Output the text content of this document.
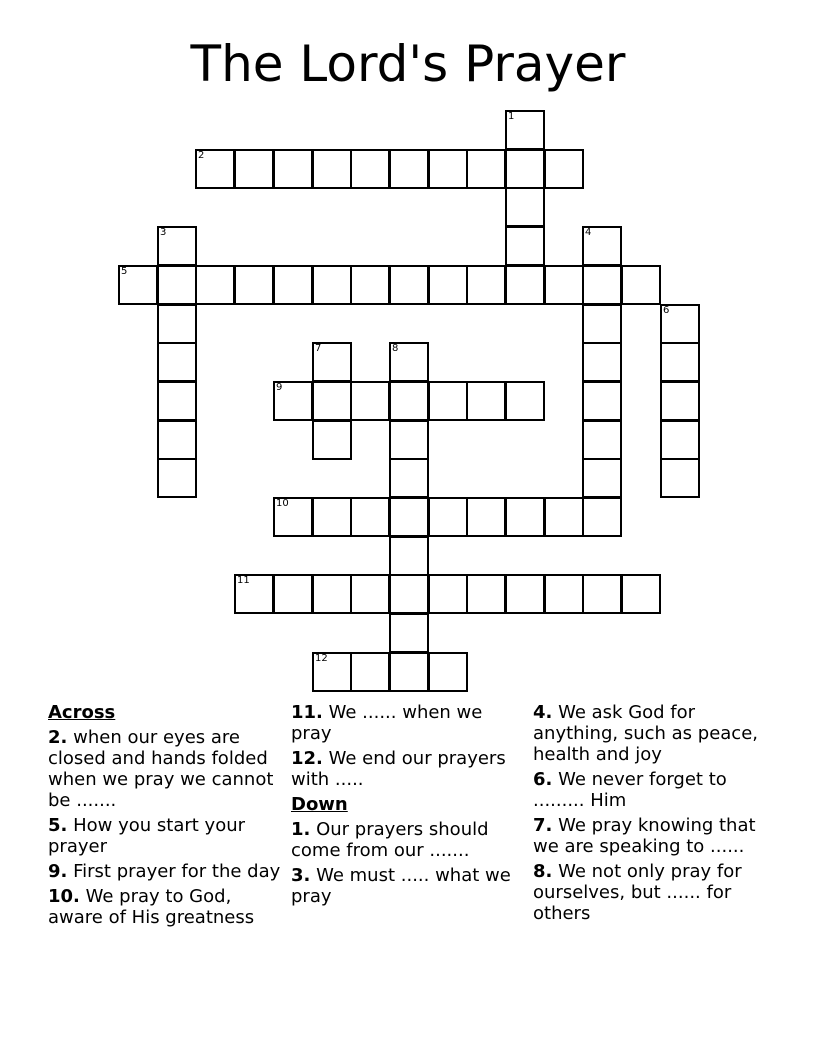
The Lord's Prayer
1
2
3	4
5
6
7	8
9
10
11
12
Across
2. when our eyes are closed and hands folded when we pray we cannot be .......
5. How you start your prayer
9. First prayer for the day
10. We pray to God, aware of His greatness
11. We ...... when we pray
12. We end our prayers with .....
Down
1. Our prayers should come from our .......
3. We must ..... what we pray
4. We ask God for anything, such as peace, health and joy
6. We never forget to ......... Him
7. We pray knowing that we are speaking to ......
8. We not only pray for ourselves, but ...... for others
